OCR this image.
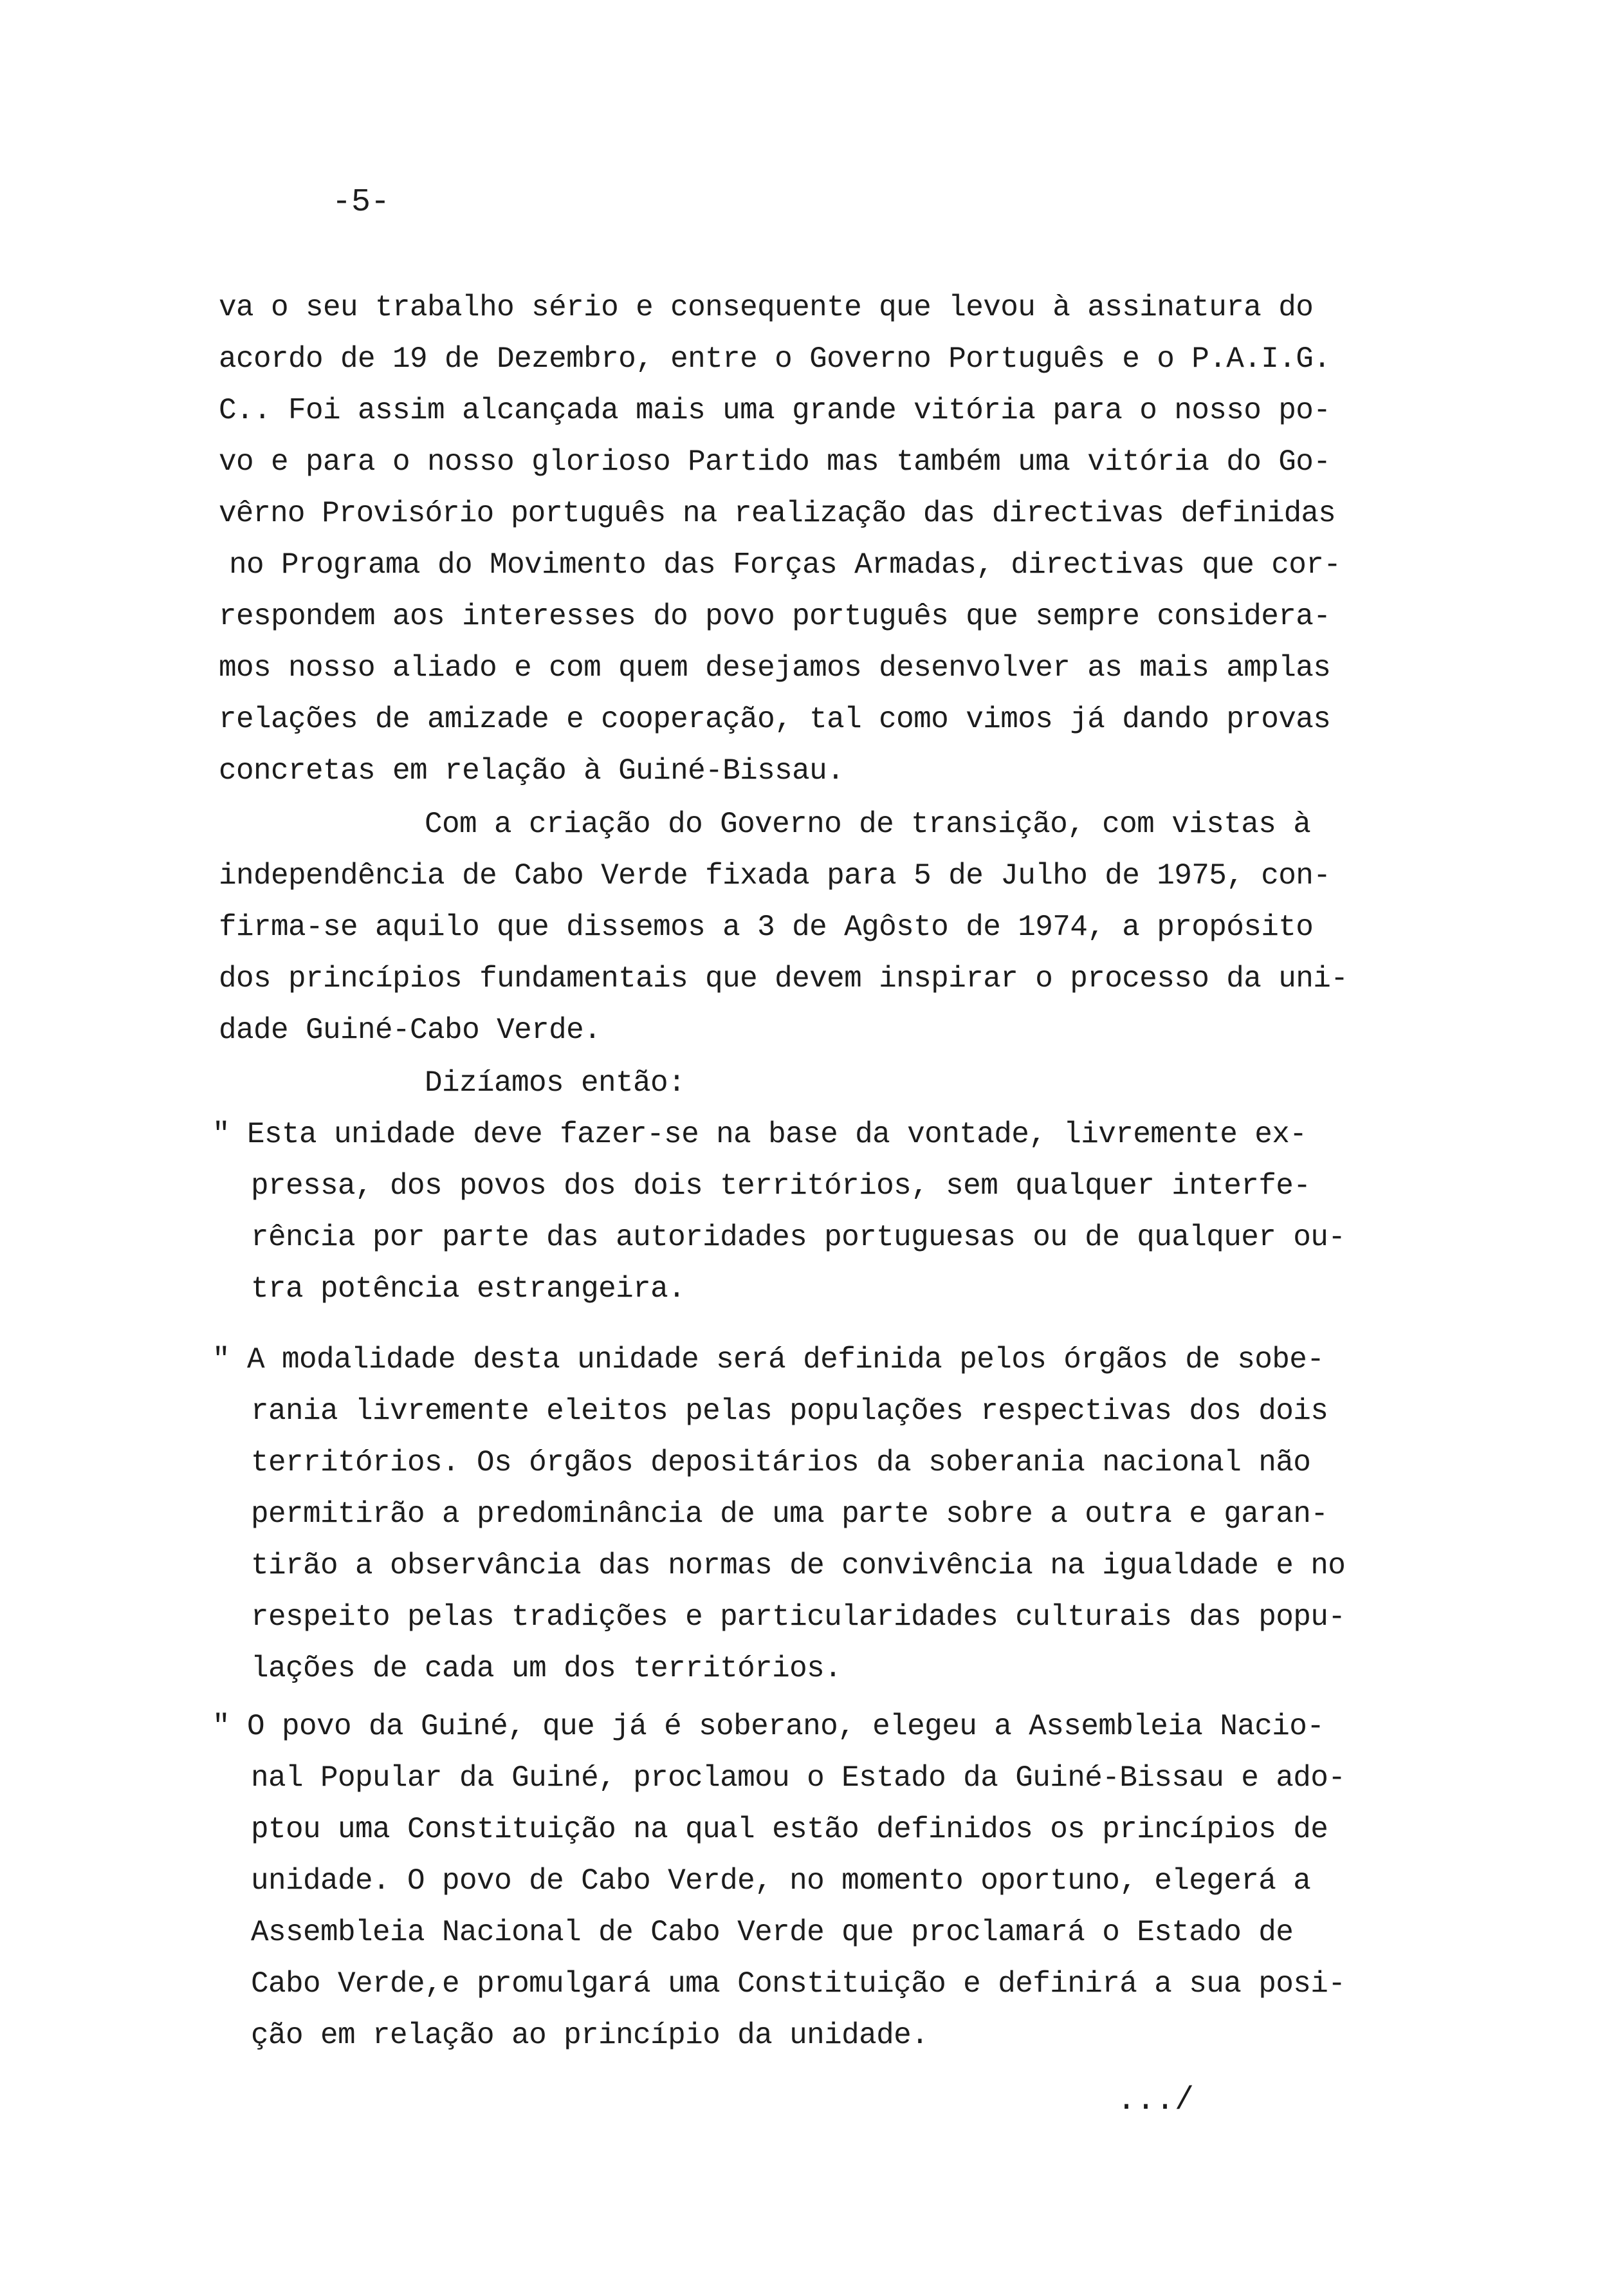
-5-
va o seu trabalho sério e consequente que levou à assinatura do
acordo de 19 de Dezembro, entre o Governo Português e o P.A.I.G.
C.. Foi assim alcançada mais uma grande vitória para o nosso po-
vo e para o nosso glorioso Partido mas também uma vitória do Go-
vêrno Provisório português na realização das directivas definidas
no Programa do Movimento das Forças Armadas, directivas que cor-
respondem aos interesses do povo português que sempre considera-
mos nosso aliado e com quem desejamos desenvolver as mais amplas
relações de amizade e cooperação, tal como vimos já dando provas
concretas em relação à Guiné-Bissau.
Com a criação do Governo de transição, com vistas à
independência de Cabo Verde fixada para 5 de Julho de 1975, con-
firma-se aquilo que dissemos a 3 de Agôsto de 1974, a propósito
dos princípios fundamentais que devem inspirar o processo da uni-
dade Guiné-Cabo Verde.
Dizíamos então:
" Esta unidade deve fazer-se na base da vontade, livremente ex-
pressa, dos povos dos dois territórios, sem qualquer interfe-
rência por parte das autoridades portuguesas ou de qualquer ou-
tra potência estrangeira.
" A modalidade desta unidade será definida pelos órgãos de sobe-
rania livremente eleitos pelas populações respectivas dos dois
territórios. Os órgãos depositários da soberania nacional não
permitirão a predominância de uma parte sobre a outra e garan-
tirão a observância das normas de convivência na igualdade e no
respeito pelas tradições e particularidades culturais das popu-
lações de cada um dos territórios.
" O povo da Guiné, que já é soberano, elegeu a Assembleia Nacio-
nal Popular da Guiné, proclamou o Estado da Guiné-Bissau e ado-
ptou uma Constituição na qual estão definidos os princípios de
unidade. O povo de Cabo Verde, no momento oportuno, elegerá a
Assembleia Nacional de Cabo Verde que proclamará o Estado de
Cabo Verde,e promulgará uma Constituição e definirá a sua posi-
ção em relação ao princípio da unidade.
.../
